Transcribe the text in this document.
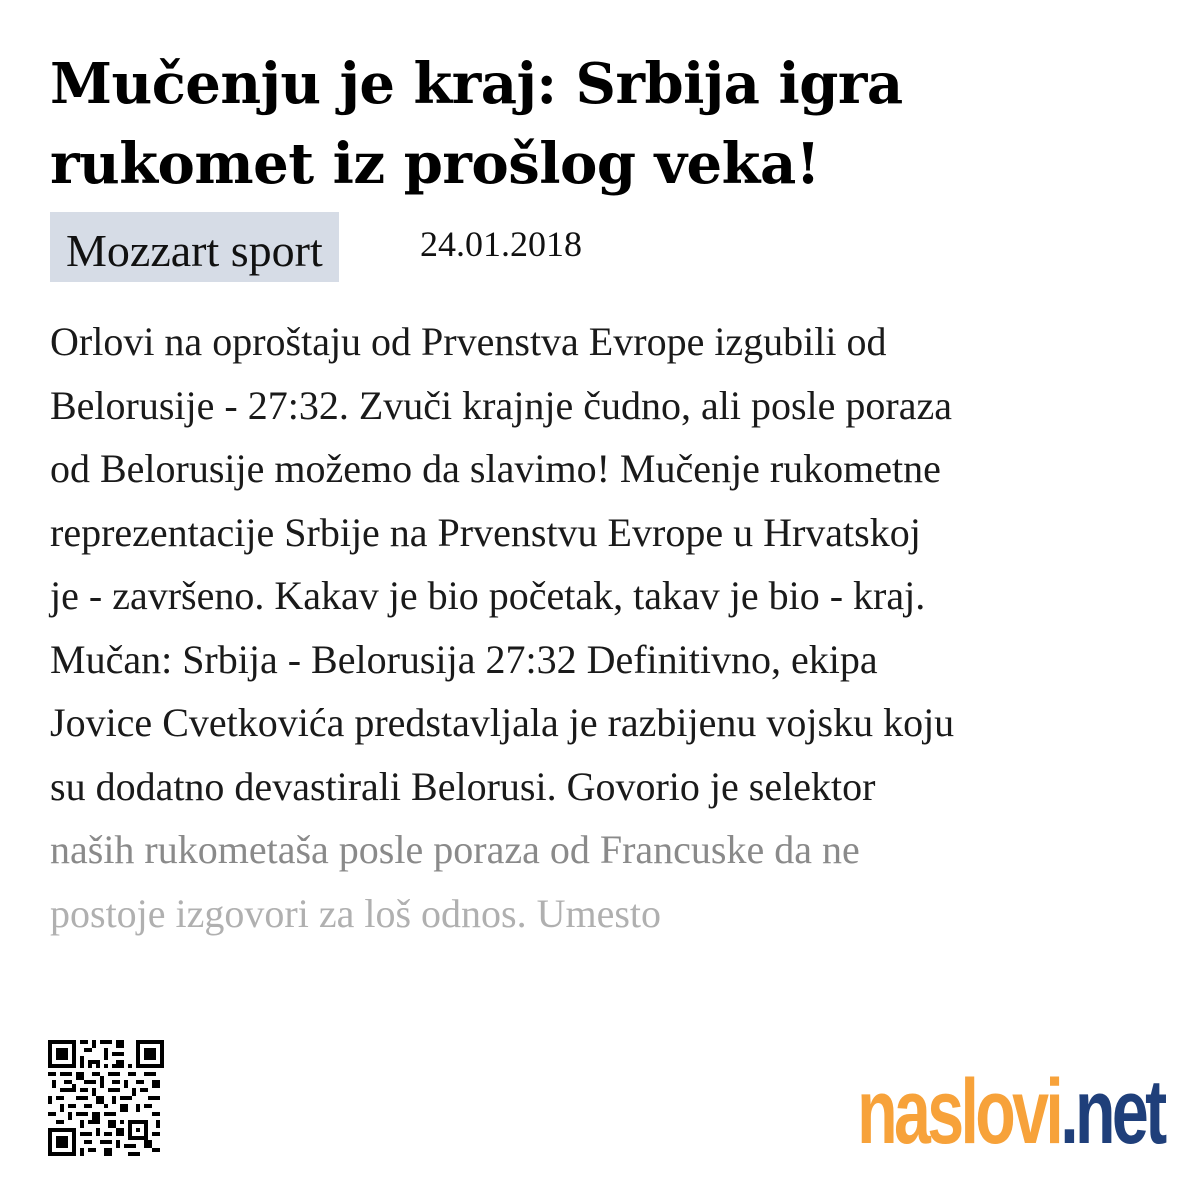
Mučenju je kraj: Srbija igra
rukomet iz prošlog veka!
Mozzart sport	24.01.2018

Orlovi na oproštaju od Prvenstva Evrope izgubili od
Belorusije - 27:32. Zvuči krajnje čudno, ali posle poraza
od Belorusije možemo da slavimo! Mučenje rukometne
reprezentacije Srbije na Prvenstvu Evrope u Hrvatskoj
je - završeno. Kakav je bio početak, takav je bio - kraj.
Mučan: Srbija - Belorusija 27:32 Definitivno, ekipa
Jovice Cvetkovića predstavljala je razbijenu vojsku koju
su dodatno devastirali Belorusi. Govorio je selektor
naših rukometaša posle poraza od Francuske da ne
postoje izgovori za loš odnos. Umesto

naslovi.net
